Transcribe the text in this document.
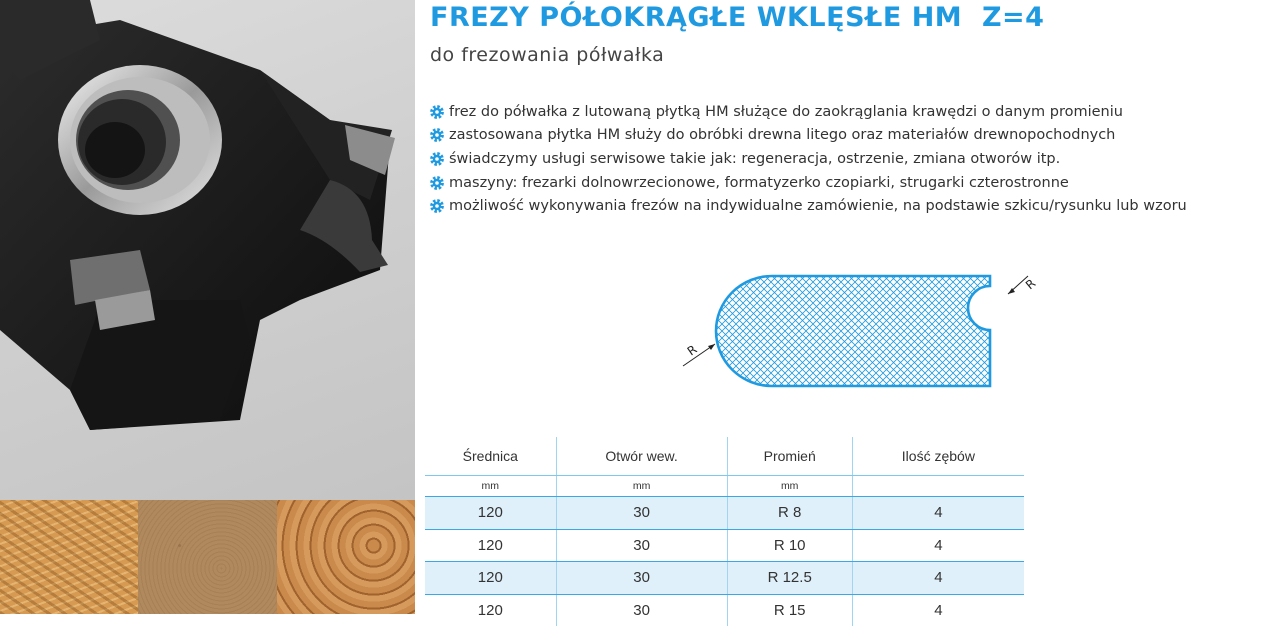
FREZY PÓŁOKRĄGŁE WKLĘSŁE HM  Z=4
do frezowania półwałka
frez do półwałka z lutowaną płytką HM służące do zaokrąglania krawędzi o danym promieniu
zastosowana płytka HM służy do obróbki drewna litego oraz materiałów drewnopochodnych
świadczymy usługi serwisowe takie jak: regeneracja, ostrzenie, zmiana otworów itp.
maszyny: frezarki dolnowrzecionowe, formatyzerko czopiarki, strugarki czterostronne
możliwość wykonywania frezów na indywidualne zamówienie, na podstawie szkicu/rysunku lub wzoru
R
R
Średnica	Otwór wew.	Promień	Ilość zębów
mm	mm	mm	
120	30	R 8	4
120	30	R 10	4
120	30	R 12.5	4
120	30	R 15	4
